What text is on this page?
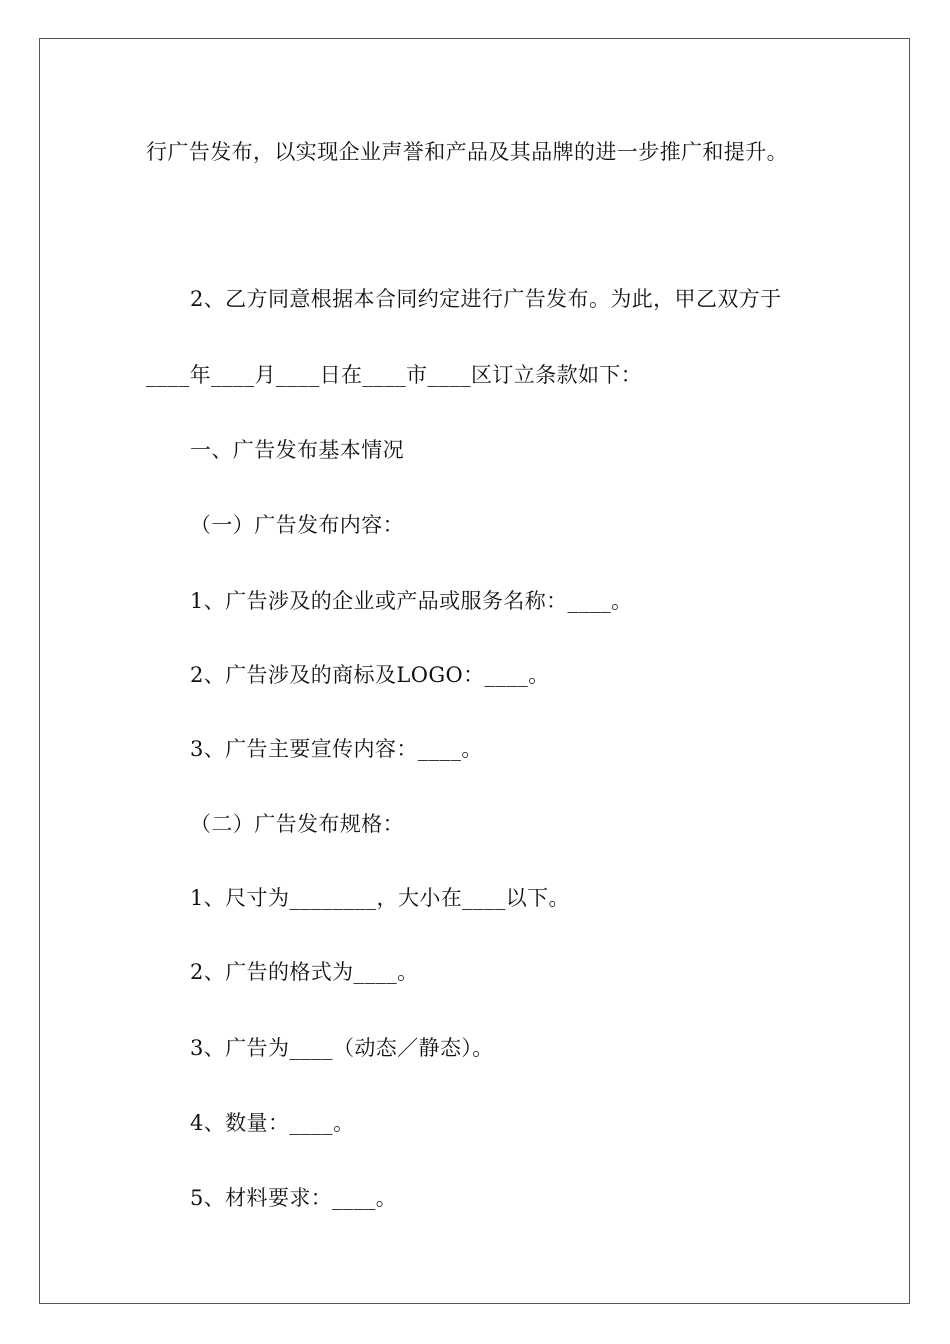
行广告发布，以实现企业声誉和产品及其品牌的进一步推广和提升。
2、乙方同意根据本合同约定进行广告发布。为此，甲乙双方于
____年____月____日在____市____区订立条款如下：
一、广告发布基本情况
（一）广告发布内容：
1、广告涉及的企业或产品或服务名称：____。
2、广告涉及的商标及LOGO：____。
3、广告主要宣传内容：____。
（二）广告发布规格：
1、尺寸为________，大小在____以下。
2、广告的格式为____。
3、广告为____（动态／静态）。
4、数量：____。
5、材料要求：____。
